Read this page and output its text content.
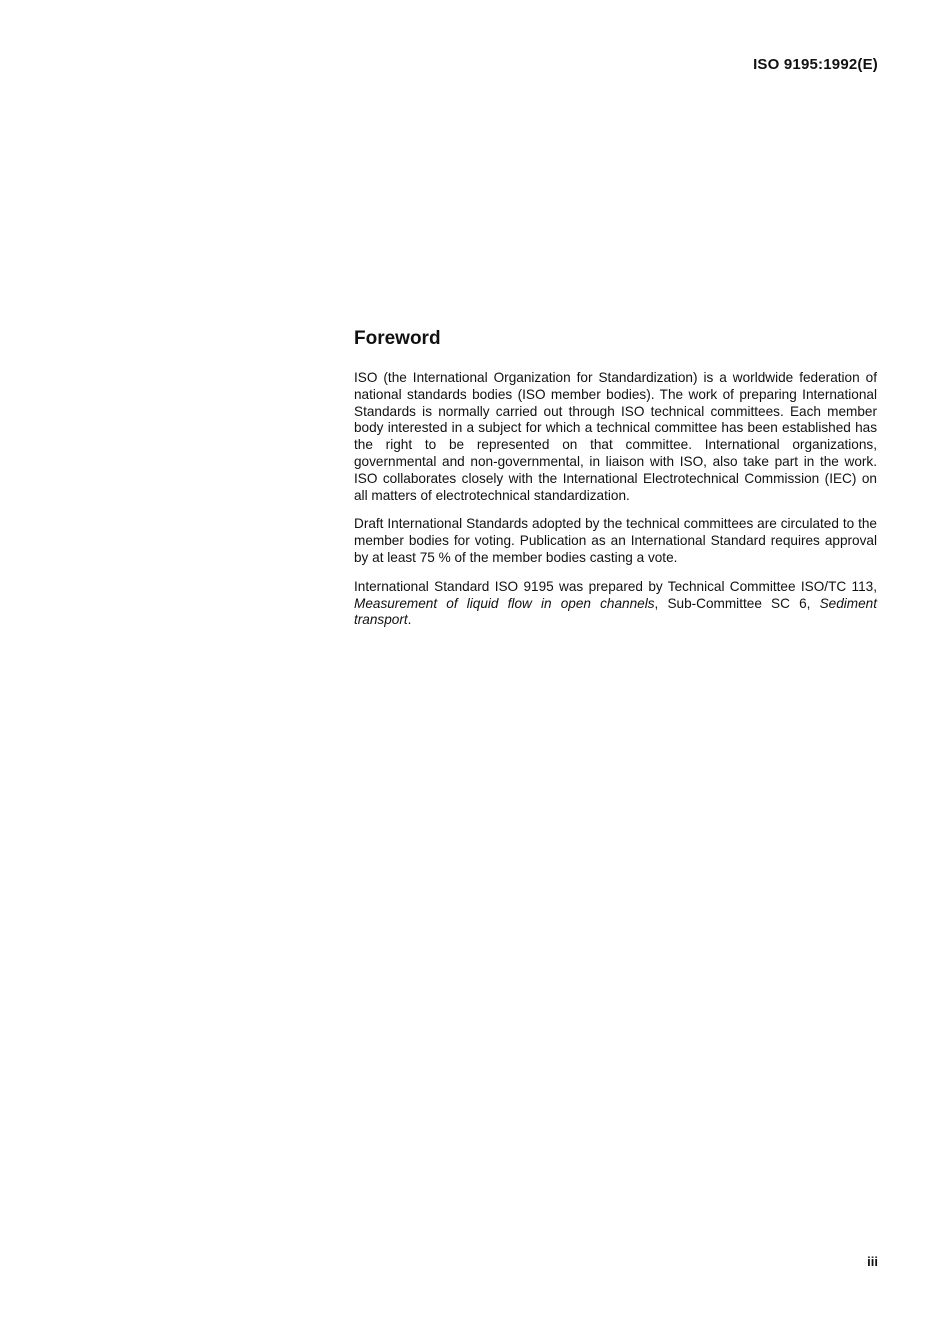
ISO 9195:1992(E)
Foreword

ISO (the International Organization for Standardization) is a worldwide federation of national standards bodies (ISO member bodies). The work of preparing International Standards is normally carried out through ISO technical committees. Each member body interested in a subject for which a technical committee has been established has the right to be represented on that committee. International organizations, governmental and non-governmental, in liaison with ISO, also take part in the work. ISO collaborates closely with the International Electrotechnical Commission (IEC) on all matters of electrotechnical standardization.

Draft International Standards adopted by the technical committees are circulated to the member bodies for voting. Publication as an International Standard requires approval by at least 75 % of the member bodies casting a vote.

International Standard ISO 9195 was prepared by Technical Committee ISO/TC 113, Measurement of liquid flow in open channels, Sub-Committee SC 6, Sediment transport.

iii
